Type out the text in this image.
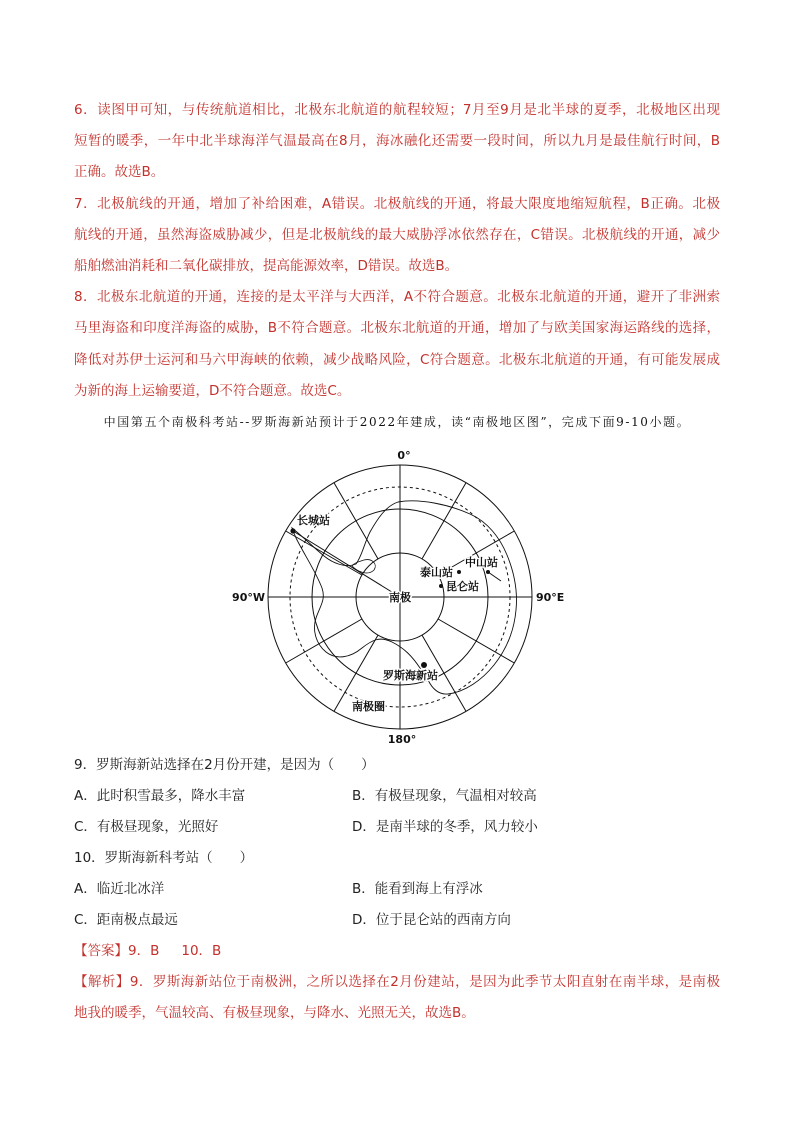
6．读图甲可知，与传统航道相比，北极东北航道的航程较短；7月至9月是北半球的夏季，北极地区出现
短暂的暖季，一年中北半球海洋气温最高在8月，海冰融化还需要一段时间，所以九月是最佳航行时间，B
正确。故选B。
7．北极航线的开通，增加了补给困难，A错误。北极航线的开通，将最大限度地缩短航程，B正确。北极
航线的开通，虽然海盗威胁减少，但是北极航线的最大威胁浮冰依然存在，C错误。北极航线的开通，减少
船舶燃油消耗和二氧化碳排放，提高能源效率，D错误。故选B。
8．北极东北航道的开通，连接的是太平洋与大西洋，A不符合题意。北极东北航道的开通，避开了非洲索
马里海盗和印度洋海盗的威胁，B不符合题意。北极东北航道的开通，增加了与欧美国家海运路线的选择，
降低对苏伊士运河和马六甲海峡的依赖，减少战略风险，C符合题意。北极东北航道的开通，有可能发展成
为新的海上运输要道，D不符合题意。故选C。
中国第五个南极科考站--罗斯海新站预计于2022年建成，读“南极地区图”，完成下面9-10小题。
0°
90°W	90°E
180°
长城站
泰山站
中山站
昆仑站
南极
罗斯海新站
南极圈
9．罗斯海新站选择在2月份开建，是因为（　　）
A．此时积雪最多，降水丰富	B．有极昼现象，气温相对较高
C．有极昼现象，光照好	D．是南半球的冬季，风力较小
10．罗斯海新科考站（　　）
A．临近北冰洋	B．能看到海上有浮冰
C．距南极点最远	D．位于昆仑站的西南方向
【答案】9．B 10．B
【解析】9．罗斯海新站位于南极洲，之所以选择在2月份建站，是因为此季节太阳直射在南半球，是南极
地我的暖季，气温较高、有极昼现象，与降水、光照无关，故选B。
